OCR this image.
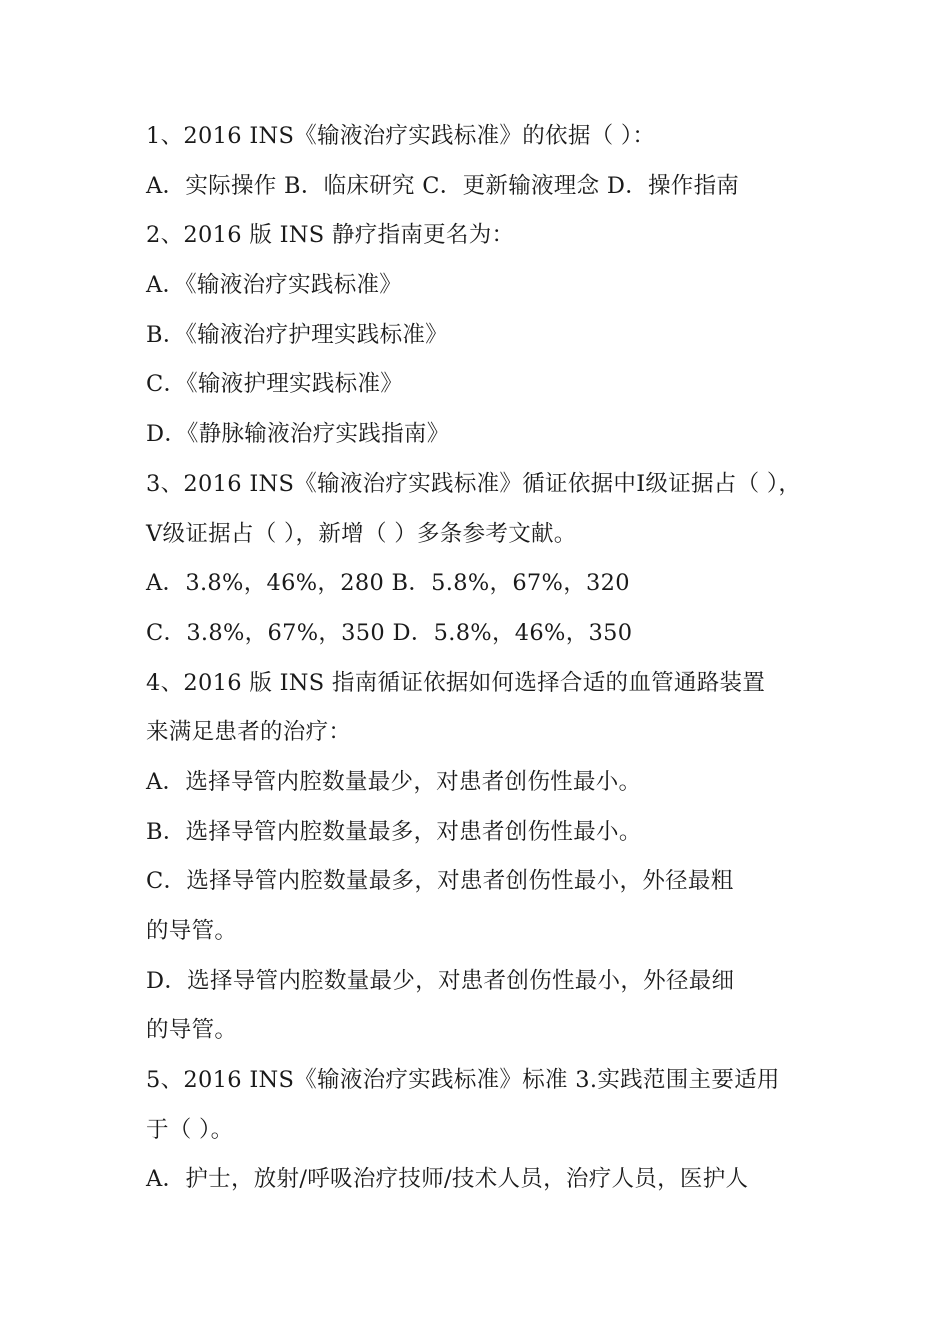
1、2016 INS《输液治疗实践标准》的依据（ ）：
A．实际操作 B．临床研究 C．更新输液理念 D．操作指南
2、2016 版 INS 静疗指南更名为：
A．《输液治疗实践标准》
B．《输液治疗护理实践标准》
C．《输液护理实践标准》
D．《静脉输液治疗实践指南》
3、2016 INS《输液治疗实践标准》循证依据中Ⅰ级证据占（ ），
Ⅴ级证据占（ ），新增（ ）多条参考文献。
A．3.8%，46%，280 B．5.8%，67%，320
C．3.8%，67%，350 D．5.8%，46%，350
4、2016 版 INS 指南循证依据如何选择合适的血管通路装置
来满足患者的治疗：
A．选择导管内腔数量最少，对患者创伤性最小。
B．选择导管内腔数量最多，对患者创伤性最小。
C．选择导管内腔数量最多，对患者创伤性最小，外径最粗
的导管。
D．选择导管内腔数量最少，对患者创伤性最小，外径最细
的导管。
5、2016 INS《输液治疗实践标准》标准 3.实践范围主要适用
于（ ）。
A．护士，放射/呼吸治疗技师/技术人员，治疗人员，医护人
